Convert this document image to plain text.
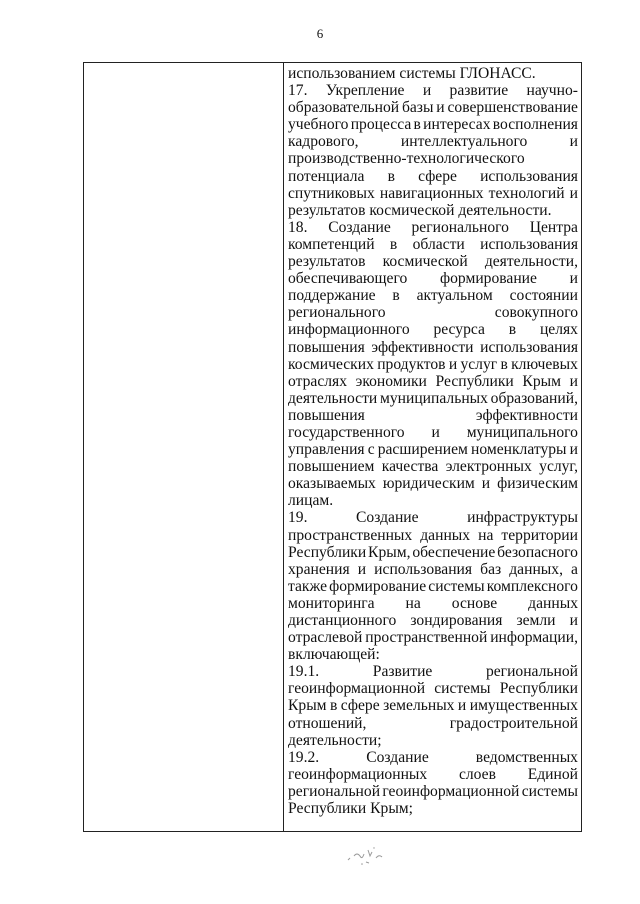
6

использованием системы ГЛОНАСС.
17. Укрепление и развитие научно-
образовательной базы и совершенствование
учебного процесса в интересах восполнения
кадрового,	интеллектуального	и
производственно-технологического
потенциала в сфере использования
спутниковых навигационных технологий и
результатов космической деятельности.
18. Создание регионального Центра
компетенций в области использования
результатов космической деятельности,
обеспечивающего формирование и
поддержание в актуальном состоянии
регионального	совокупного
информационного ресурса в целях
повышения эффективности использования
космических продуктов и услуг в ключевых
отраслях экономики Республики Крым и
деятельности муниципальных образований,
повышения	эффективности
государственного и муниципального
управления с расширением номенклатуры и
повышением качества электронных услуг,
оказываемых юридическим и физическим
лицам.
19.	Создание	инфраструктуры
пространственных данных на территории
Республики Крым, обеспечение безопасного
хранения и использования баз данных, а
также формирование системы комплексного
мониторинга на основе данных
дистанционного зондирования земли и
отраслевой пространственной информации,
включающей:
19.1.	Развитие	региональной
геоинформационной системы Республики
Крым в сфере земельных и имущественных
отношений,	градостроительной
деятельности;
19.2.	Создание	ведомственных
геоинформационных слоев Единой
региональной геоинформационной системы
Республики Крым;
